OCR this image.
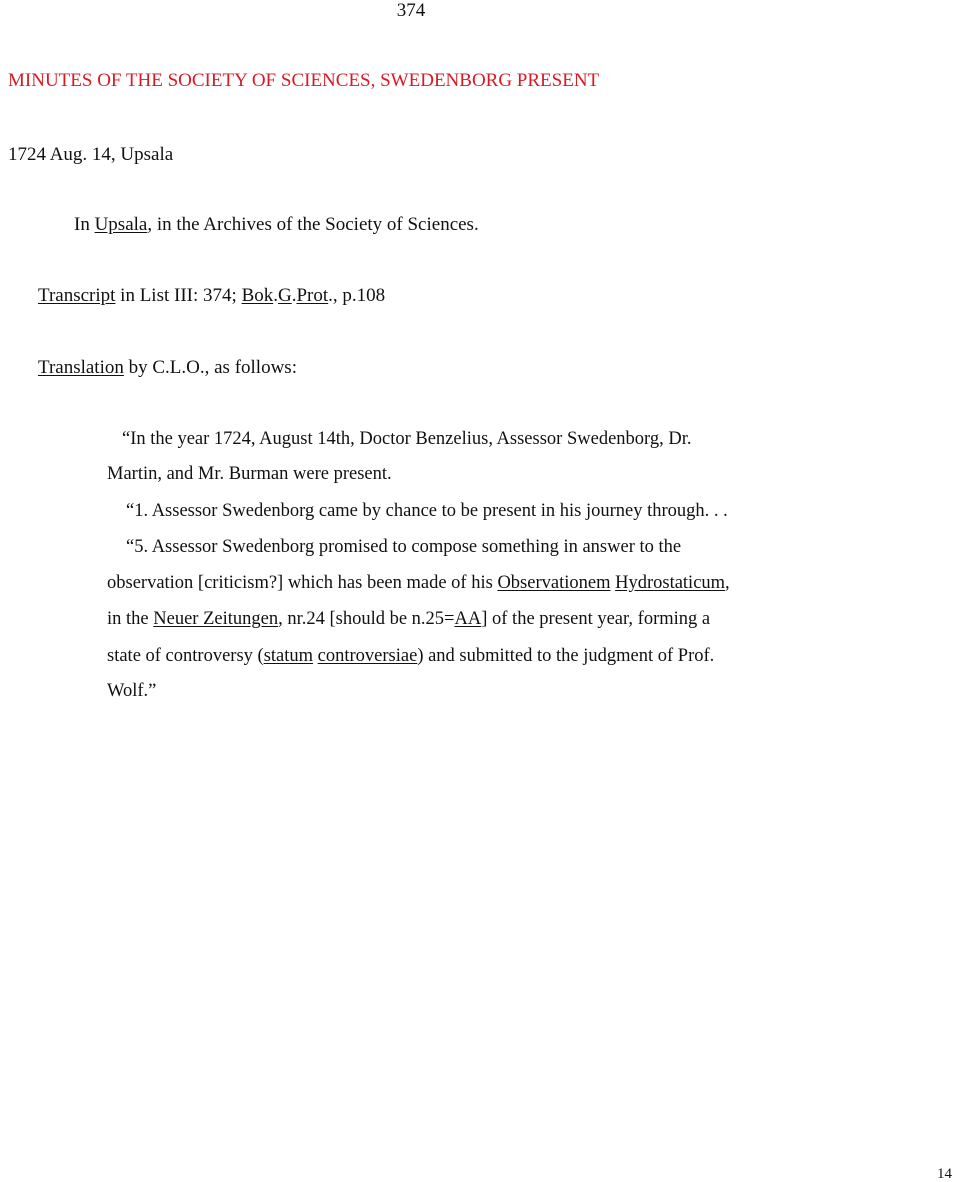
374
MINUTES OF THE SOCIETY OF SCIENCES, SWEDENBORG PRESENT
1724 Aug. 14, Upsala
In Upsala, in the Archives of the Society of Sciences.
Transcript in List III: 374; Bok.G.Prot., p.108
Translation by C.L.O., as follows:
“In the year 1724, August 14th, Doctor Benzelius, Assessor Swedenborg, Dr.
Martin, and Mr. Burman were present.
“1. Assessor Swedenborg came by chance to be present in his journey through. . .
“5. Assessor Swedenborg promised to compose something in answer to the
observation [criticism?] which has been made of his Observationem Hydrostaticum,
in the Neuer Zeitungen, nr.24 [should be n.25=AA] of the present year, forming a
state of controversy (statum controversiae) and submitted to the judgment of Prof.
Wolf.”
14
